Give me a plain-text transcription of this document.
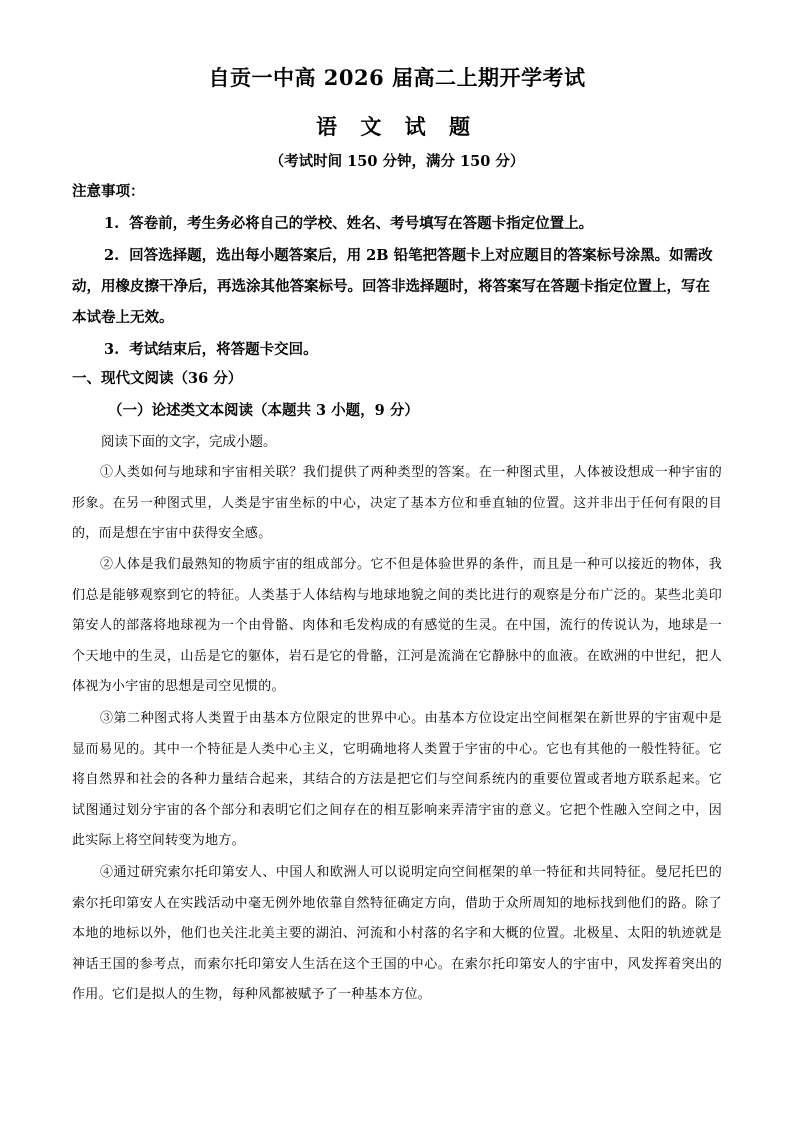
自贡一中高 2026 届高二上期开学考试
语 文 试 题
（考试时间 150 分钟，满分 150 分）
注意事项：
1. 答卷前，考生务必将自己的学校、姓名、考号填写在答题卡指定位置上。
2. 回答选择题，选出每小题答案后，用 2B 铅笔把答题卡上对应题目的答案标号涂黑。如需改动，用橡皮擦干净后，再选涂其他答案标号。回答非选择题时，将答案写在答题卡指定位置上，写在本试卷上无效。
3. 考试结束后，将答题卡交回。
一、现代文阅读（36 分）
（一）论述类文本阅读（本题共 3 小题，9 分）
阅读下面的文字，完成小题。
①人类如何与地球和宇宙相关联？我们提供了两种类型的答案。在一种图式里，人体被设想成一种宇宙的形象。在另一种图式里，人类是宇宙坐标的中心，决定了基本方位和垂直轴的位置。这并非出于任何有限的目的，而是想在宇宙中获得安全感。
②人体是我们最熟知的物质宇宙的组成部分。它不但是体验世界的条件，而且是一种可以接近的物体，我们总是能够观察到它的特征。人类基于人体结构与地球地貌之间的类比进行的观察是分布广泛的。某些北美印第安人的部落将地球视为一个由骨骼、肉体和毛发构成的有感觉的生灵。在中国，流行的传说认为，地球是一个天地中的生灵，山岳是它的躯体，岩石是它的骨骼，江河是流淌在它静脉中的血液。在欧洲的中世纪，把人体视为小宇宙的思想是司空见惯的。
③第二种图式将人类置于由基本方位限定的世界中心。由基本方位设定出空间框架在新世界的宇宙观中是显而易见的。其中一个特征是人类中心主义，它明确地将人类置于宇宙的中心。它也有其他的一般性特征。它将自然界和社会的各种力量结合起来，其结合的方法是把它们与空间系统内的重要位置或者地方联系起来。它试图通过划分宇宙的各个部分和表明它们之间存在的相互影响来弄清宇宙的意义。它把个性融入空间之中，因此实际上将空间转变为地方。
④通过研究索尔托印第安人、中国人和欧洲人可以说明定向空间框架的单一特征和共同特征。曼尼托巴的索尔托印第安人在实践活动中毫无例外地依靠自然特征确定方向，借助于众所周知的地标找到他们的路。除了本地的地标以外，他们也关注北美主要的湖泊、河流和小村落的名字和大概的位置。北极星、太阳的轨迹就是神话王国的参考点，而索尔托印第安人生活在这个王国的中心。在索尔托印第安人的宇宙中，风发挥着突出的作用。它们是拟人的生物，每种风都被赋予了一种基本方位。
